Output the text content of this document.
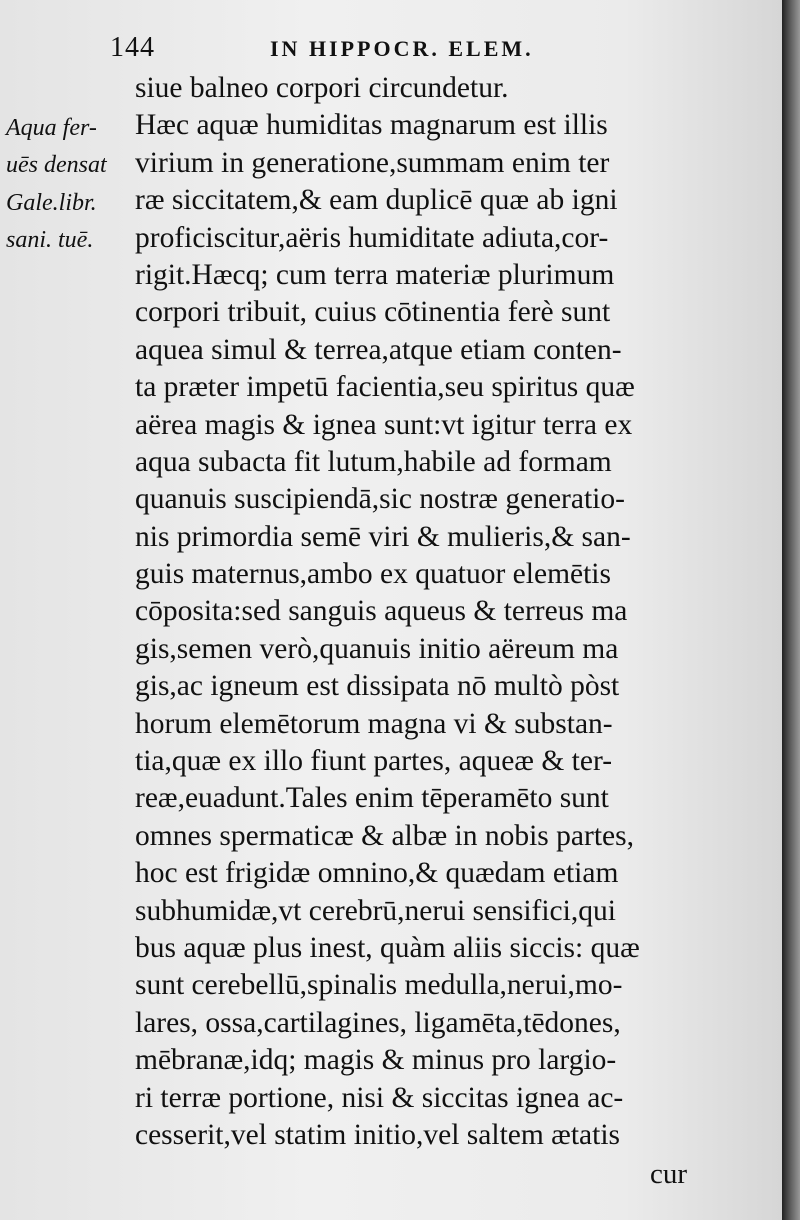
144	IN HIPPOCR. ELEM.
Aqua fer-
uēs densat
Gale.libr.
sani. tuē.
siue balneo corpori circundetur.
Hæc aquæ humiditas magnarum est illis
virium in generatione,summam enim ter
ræ siccitatem,& eam duplicē quæ ab igni
proficiscitur,aëris humiditate adiuta,cor-
rigit.Hæcq; cum terra materiæ plurimum
corpori tribuit, cuius cōtinentia ferè sunt
aquea simul & terrea,atque etiam conten-
ta præter impetū facientia,seu spiritus quæ
aërea magis & ignea sunt:vt igitur terra ex
aqua subacta fit lutum,habile ad formam
quanuis suscipiendā,sic nostræ generatio-
nis primordia semē viri & mulieris,& san-
guis maternus,ambo ex quatuor elemētis
cōposita:sed sanguis aqueus & terreus ma
gis,semen verò,quanuis initio aëreum ma
gis,ac igneum est dissipata nō multò pòst
horum elemētorum magna vi & substan-
tia,quæ ex illo fiunt partes, aqueæ & ter-
reæ,euadunt.Tales enim tēperamēto sunt
omnes spermaticæ & albæ in nobis partes,
hoc est frigidæ omnino,& quædam etiam
subhumidæ,vt cerebrū,nerui sensifici,qui
bus aquæ plus inest, quàm aliis siccis: quæ
sunt cerebellū,spinalis medulla,nerui,mo-
lares, ossa,cartilagines, ligamēta,tēdones,
mēbranæ,idq; magis & minus pro largio-
ri terræ portione, nisi & siccitas ignea ac-
cesserit,vel statim initio,vel saltem ætatis
cur
